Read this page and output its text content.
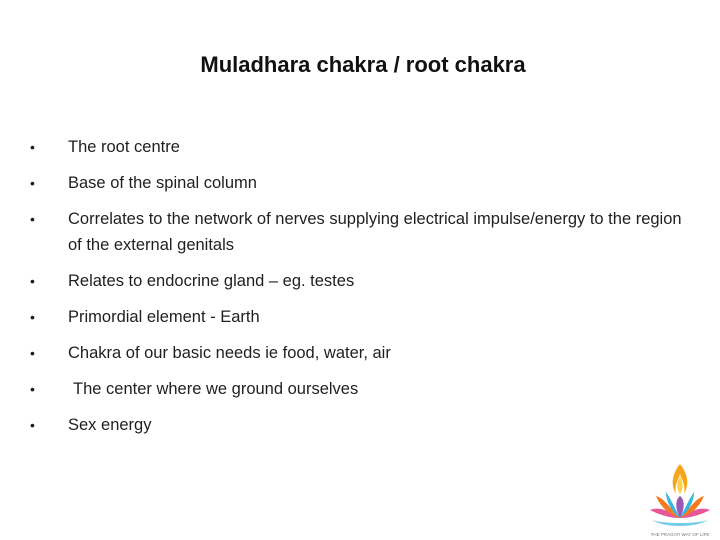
Muladhara chakra / root chakra
• The root centre
• Base of the spinal column
• Correlates to the network of nerves supplying electrical impulse/energy to the region of the external genitals
• Relates to endocrine gland – eg. testes
• Primordial element - Earth
• Chakra of our basic needs ie food, water, air
• The center where we ground ourselves
• Sex energy
THE PRAGATI WAY OF LIFE
